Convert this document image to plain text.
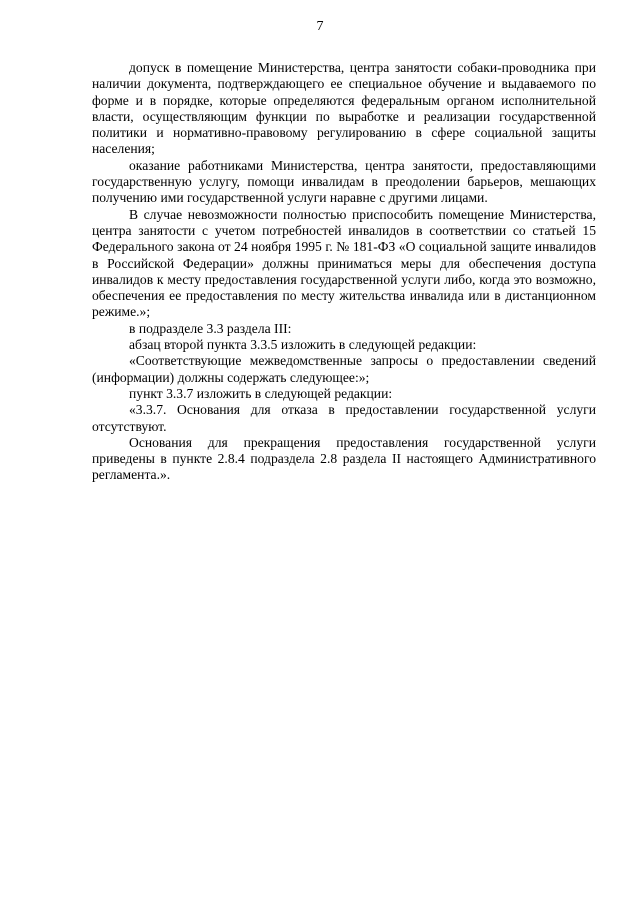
7

допуск в помещение Министерства, центра занятости собаки-проводника при наличии документа, подтверждающего ее специальное обучение и выдаваемого по форме и в порядке, которые определяются федеральным органом исполнительной власти, осуществляющим функции по выработке и реализации государственной политики и нормативно-правовому регулированию в сфере социальной защиты населения;

оказание работниками Министерства, центра занятости, предоставляющими государственную услугу, помощи инвалидам в преодолении барьеров, мешающих получению ими государственной услуги наравне с другими лицами.

В случае невозможности полностью приспособить помещение Министерства, центра занятости с учетом потребностей инвалидов в соответствии со статьей 15 Федерального закона от 24 ноября 1995 г. № 181-ФЗ «О социальной защите инвалидов в Российской Федерации» должны приниматься меры для обеспечения доступа инвалидов к месту предоставления государственной услуги либо, когда это возможно, обеспечения ее предоставления по месту жительства инвалида или в дистанционном режиме.»;

в подразделе 3.3 раздела III:

абзац второй пункта 3.3.5 изложить в следующей редакции:

«Соответствующие межведомственные запросы о предоставлении сведений (информации) должны содержать следующее:»;

пункт 3.3.7 изложить в следующей редакции:

«3.3.7. Основания для отказа в предоставлении государственной услуги отсутствуют.

Основания для прекращения предоставления государственной услуги приведены в пункте 2.8.4 подраздела 2.8 раздела II настоящего Административного регламента.».
